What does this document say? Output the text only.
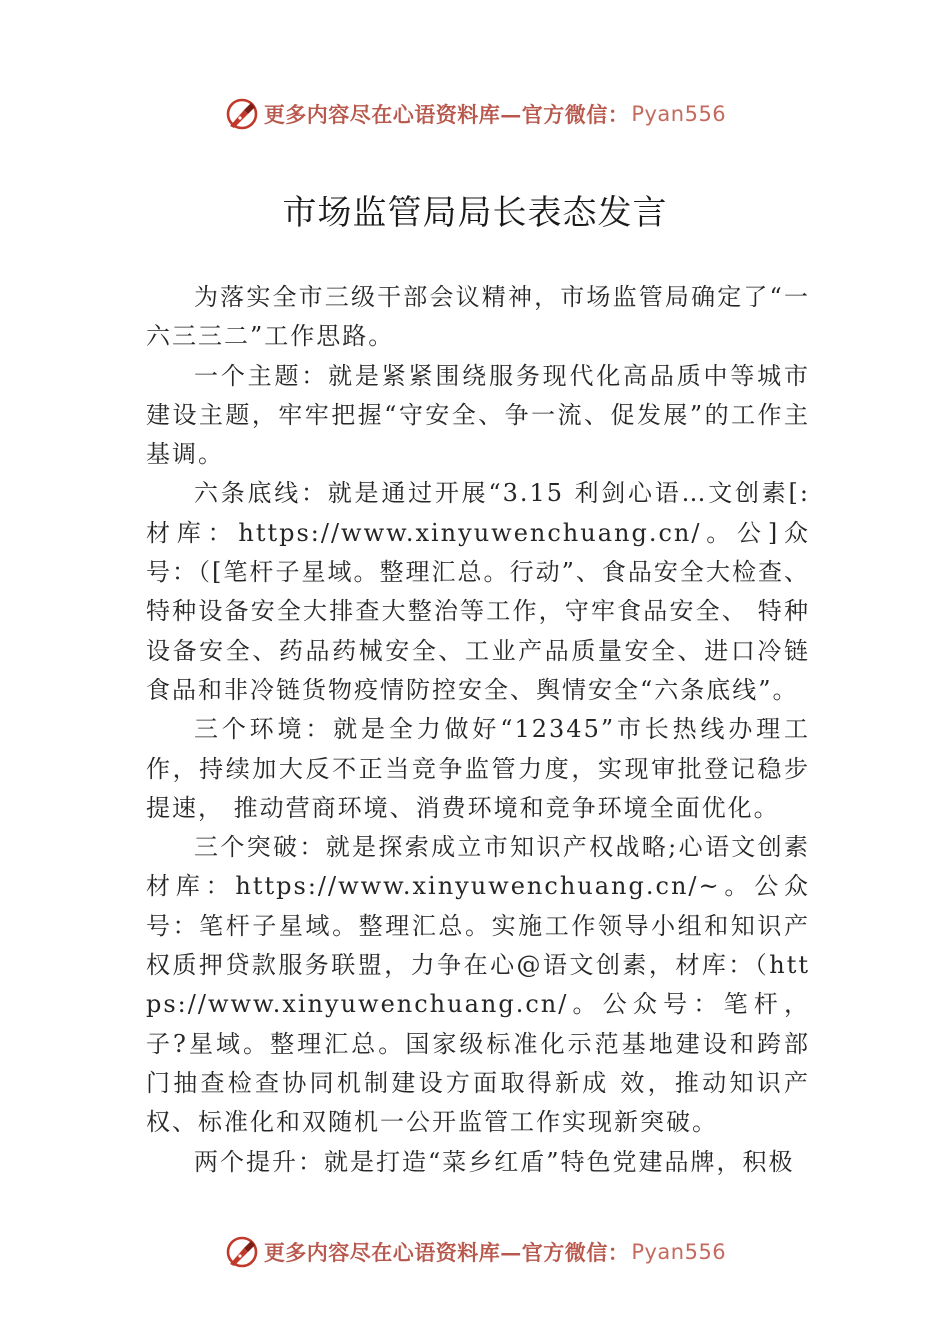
更多内容尽在心语资料库—官方微信： Pyan556
市场监管局局长表态发言

为落实全市三级干部会议精神，市场监管局确定了“一六三三二”工作思路。

一个主题：就是紧紧围绕服务现代化高品质中等城市建设主题，牢牢把握“守安全、争一流、促发展”的工作主基调。

六条底线：就是通过开展“3.15 利剑心语…文创素[:材库：https://www.xinyuwenchuang.cn/。公]众号：（[笔杆子星域。整理汇总。行动”、食品安全大检查、特种设备安全大排查大整治等工作，守牢食品安全、 特种设备安全、药品药械安全、工业产品质量安全、进口冷链食品和非冷链货物疫情防控安全、舆情安全“六条底线”。

三个环境：就是全力做好“12345”市长热线办理工作，持续加大反不正当竞争监管力度，实现审批登记稳步提速， 推动营商环境、消费环境和竞争环境全面优化。

三个突破：就是探索成立市知识产权战略;心语文创素材库：https://www.xinyuwenchuang.cn/~。公众号：笔杆子星域。整理汇总。实施工作领导小组和知识产权质押贷款服务联盟，力争在心@语文创素，材库：（https://www.xinyuwenchuang.cn/。公众号：笔杆，子?星域。整理汇总。国家级标准化示范基地建设和跨部门抽查检查协同机制建设方面取得新成 效，推动知识产权、标准化和双随机一公开监管工作实现新突破。

两个提升：就是打造“菜乡红盾”特色党建品牌，积极

更多内容尽在心语资料库—官方微信： Pyan556
